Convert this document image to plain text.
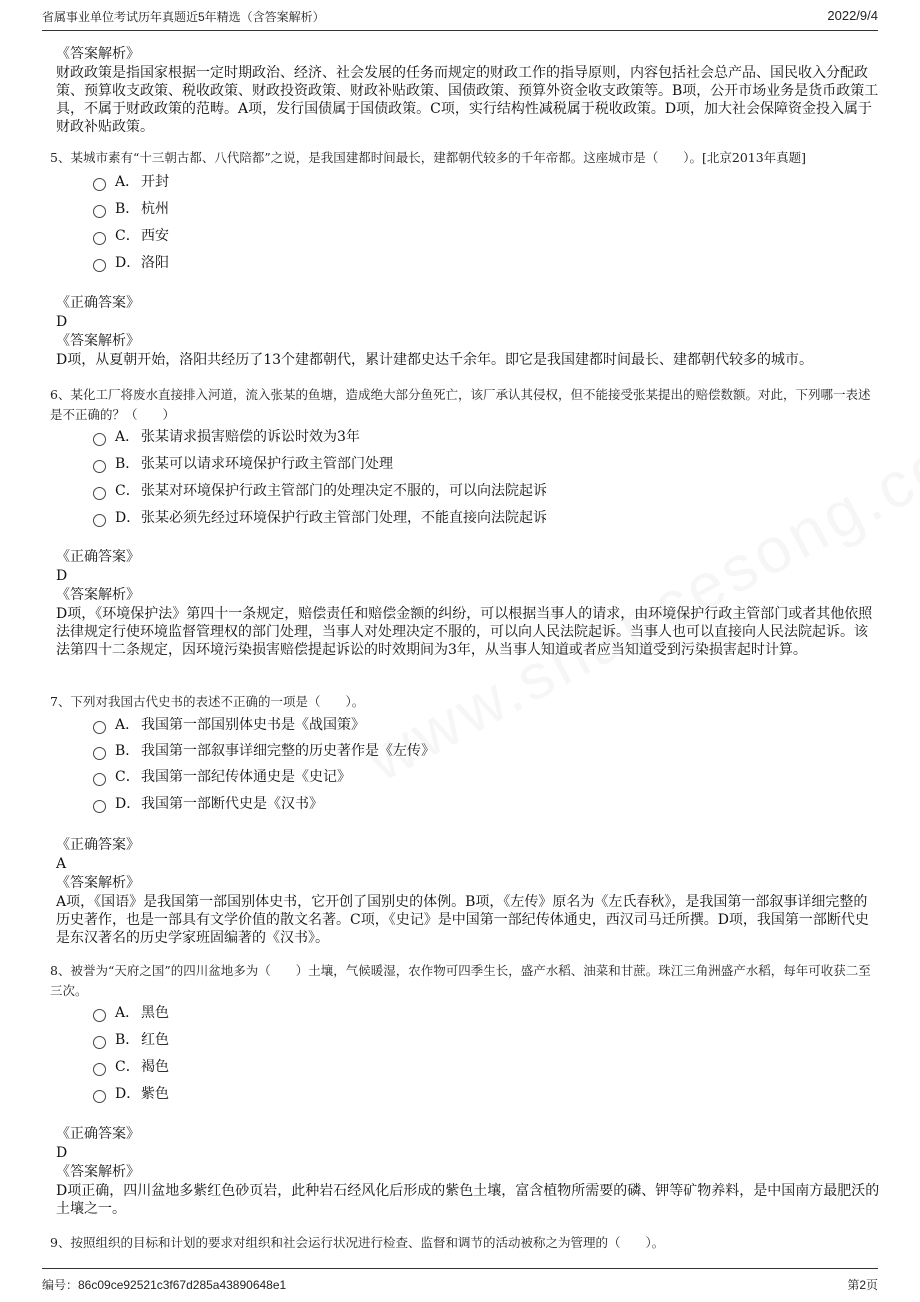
省属事业单位考试历年真题近5年精选（含答案解析）	2022/9/4
《答案解析》
财政政策是指国家根据一定时期政治、经济、社会发展的任务而规定的财政工作的指导原则，内容包括社会总产品、国民收入分配政策、预算收支政策、税收政策、财政投资政策、财政补贴政策、国债政策、预算外资金收支政策等。B项，公开市场业务是货币政策工具，不属于财政政策的范畴。A项，发行国债属于国债政策。C项，实行结构性减税属于税收政策。D项，加大社会保障资金投入属于财政补贴政策。
5、某城市素有“十三朝古都、八代陪都”之说，是我国建都时间最长，建都朝代较多的千年帝都。这座城市是（　　）。[北京2013年真题]
A． 开封
B． 杭州
C． 西安
D． 洛阳
《正确答案》
D
《答案解析》
D项，从夏朝开始，洛阳共经历了13个建都朝代，累计建都史达千余年。即它是我国建都时间最长、建都朝代较多的城市。
6、某化工厂将废水直接排入河道，流入张某的鱼塘，造成绝大部分鱼死亡，该厂承认其侵权，但不能接受张某提出的赔偿数额。对此，下列哪一表述是不正确的？（　　）
A． 张某请求损害赔偿的诉讼时效为3年
B． 张某可以请求环境保护行政主管部门处理
C． 张某对环境保护行政主管部门的处理决定不服的，可以向法院起诉
D． 张某必须先经过环境保护行政主管部门处理，不能直接向法院起诉
《正确答案》
D
《答案解析》
D项，《环境保护法》第四十一条规定，赔偿责任和赔偿金额的纠纷，可以根据当事人的请求，由环境保护行政主管部门或者其他依照法律规定行使环境监督管理权的部门处理，当事人对处理决定不服的，可以向人民法院起诉。当事人也可以直接向人民法院起诉。该法第四十二条规定，因环境污染损害赔偿提起诉讼的时效期间为3年，从当事人知道或者应当知道受到污染损害起时计算。
7、下列对我国古代史书的表述不正确的一项是（　　）。
A． 我国第一部国别体史书是《战国策》
B． 我国第一部叙事详细完整的历史著作是《左传》
C． 我国第一部纪传体通史是《史记》
D． 我国第一部断代史是《汉书》
《正确答案》
A
《答案解析》
A项，《国语》是我国第一部国别体史书，它开创了国别史的体例。B项，《左传》原名为《左氏春秋》，是我国第一部叙事详细完整的历史著作，也是一部具有文学价值的散文名著。C项，《史记》是中国第一部纪传体通史，西汉司马迁所撰。D项，我国第一部断代史是东汉著名的历史学家班固编著的《汉书》。
8、被誉为“天府之国”的四川盆地多为（　　）土壤，气候暖湿，农作物可四季生长，盛产水稻、油菜和甘蔗。珠江三角洲盛产水稻，每年可收获二至三次。
A． 黑色
B． 红色
C． 褐色
D． 紫色
《正确答案》
D
《答案解析》
D项正确，四川盆地多紫红色砂页岩，此种岩石经风化后形成的紫色土壤，富含植物所需要的磷、钾等矿物养料，是中国南方最肥沃的土壤之一。
9、按照组织的目标和计划的要求对组织和社会运行状况进行检查、监督和调节的活动被称之为管理的（　　）。
编号：86c09ce92521c3f67d285a43890648e1	第2页
